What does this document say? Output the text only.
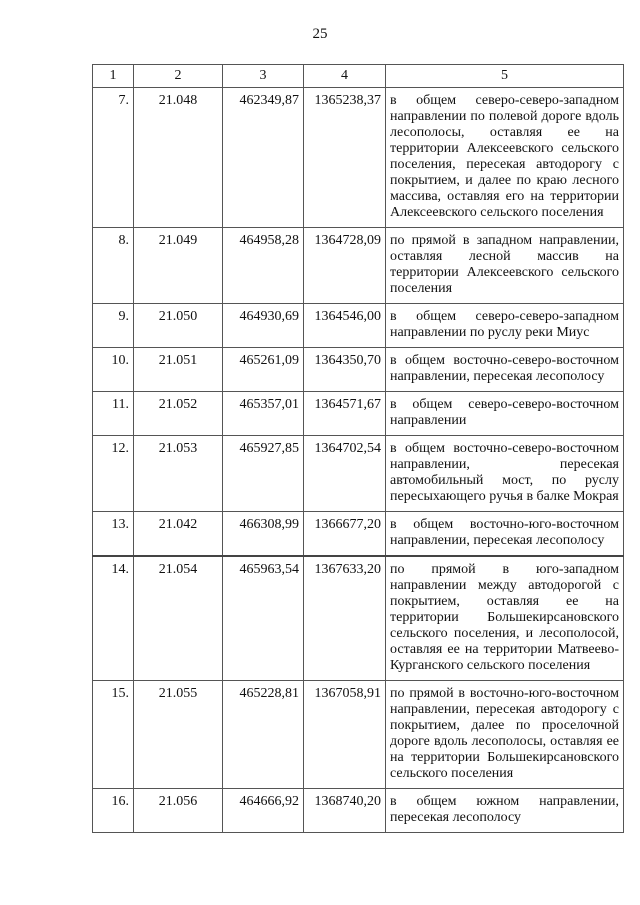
25
1	2	3	4	5
7.	21.048	462349,87	1365238,37	в общем северо-северо-западном направлении по полевой дороге вдоль лесополосы, оставляя ее на территории Алексеевского сельского поселения, пересекая автодорогу с покрытием, и далее по краю лесного массива, оставляя его на территории Алексеевского сельского поселения
8.	21.049	464958,28	1364728,09	по прямой в западном направлении, оставляя лесной массив на территории Алексеевского сельского поселения
9.	21.050	464930,69	1364546,00	в общем северо-северо-западном направлении по руслу реки Миус
10.	21.051	465261,09	1364350,70	в общем восточно-северо-восточном направлении, пересекая лесополосу
11.	21.052	465357,01	1364571,67	в общем северо-северо-восточном направлении
12.	21.053	465927,85	1364702,54	в общем восточно-северо-восточном направлении, пересекая автомобильный мост, по руслу пересыхающего ручья в балке Мокрая
13.	21.042	466308,99	1366677,20	в общем восточно-юго-восточном направлении, пересекая лесополосу
14.	21.054	465963,54	1367633,20	по прямой в юго-западном направлении между автодорогой с покрытием, оставляя ее на территории Большекирсановского сельского поселения, и лесополосой, оставляя ее на территории Матвеево-Курганского сельского поселения
15.	21.055	465228,81	1367058,91	по прямой в восточно-юго-восточном направлении, пересекая автодорогу с покрытием, далее по проселочной дороге вдоль лесополосы, оставляя ее на территории Большекирсановского сельского поселения
16.	21.056	464666,92	1368740,20	в общем южном направлении, пересекая лесополосу
